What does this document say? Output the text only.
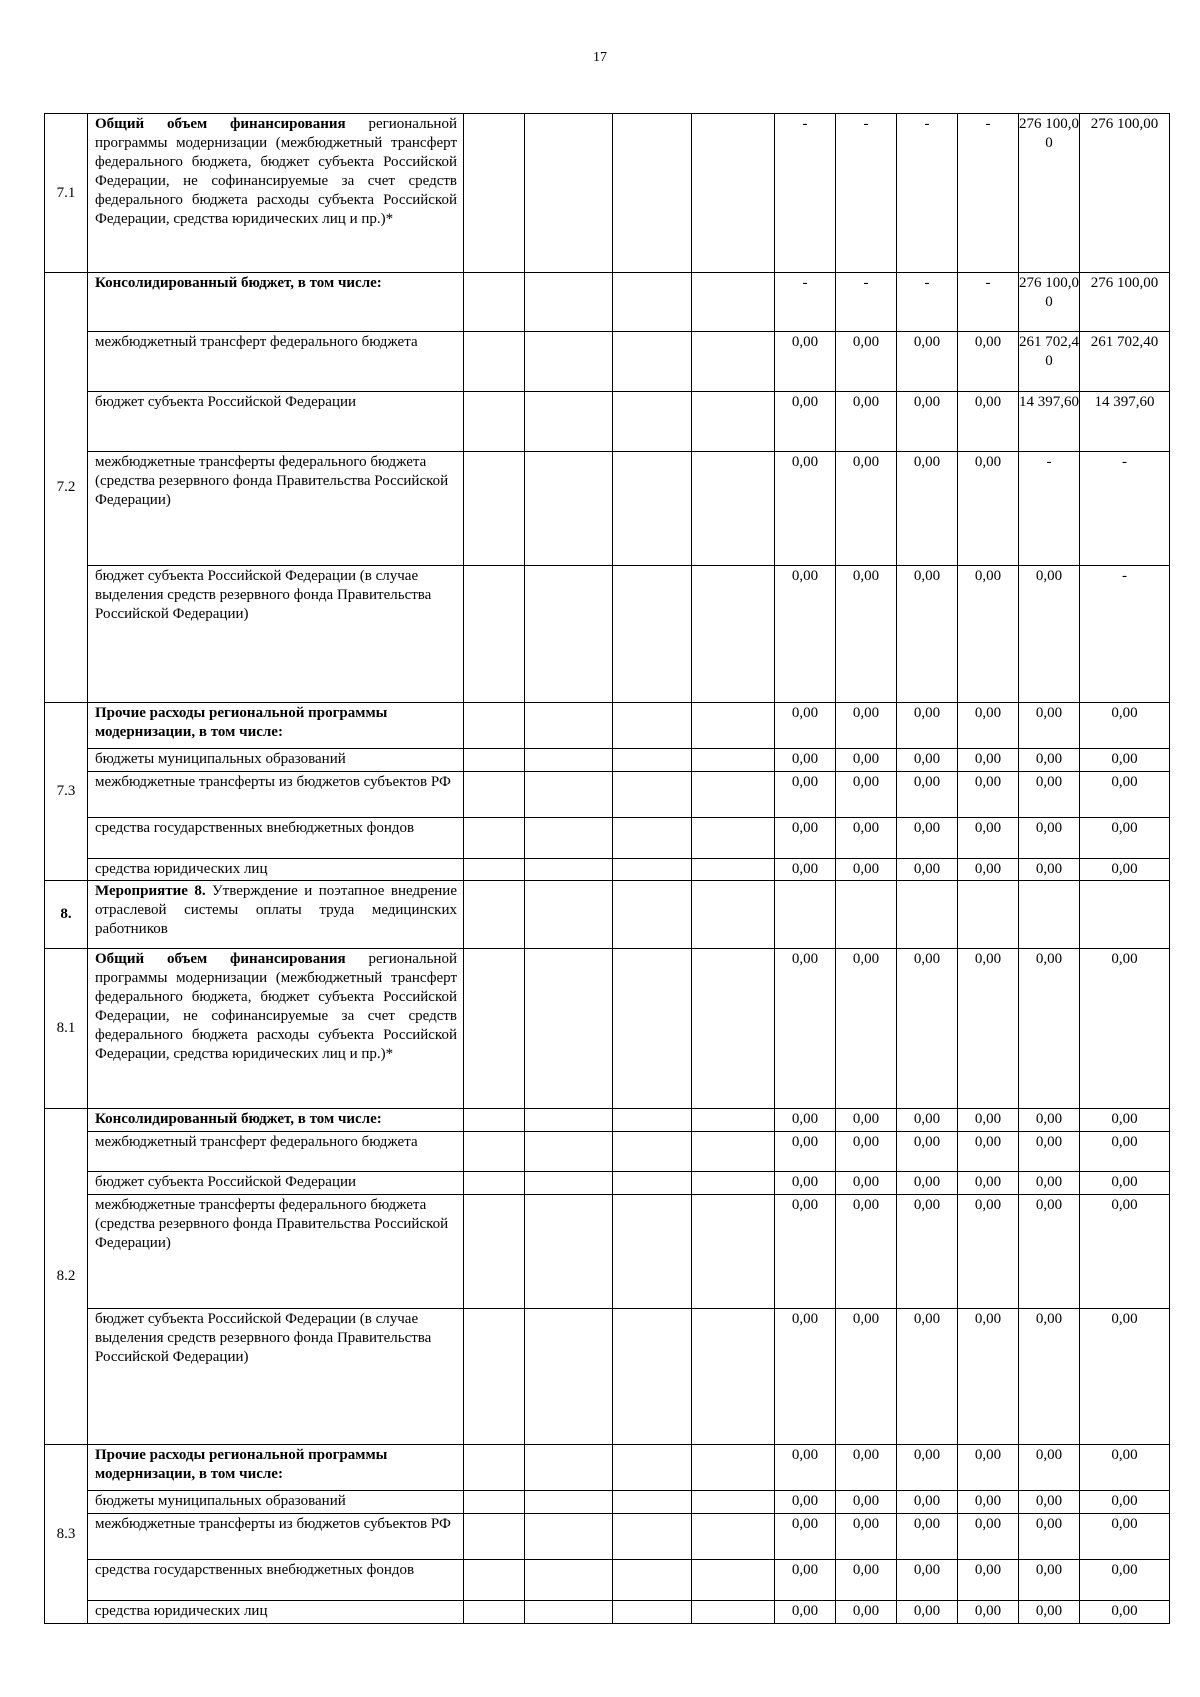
17
7.1	Общий объем финансирования региональной программы модернизации (межбюджетный трансферт федерального бюджета, бюджет субъекта Российской Федерации, не софинансируемые за счет средств федерального бюджета расходы субъекта Российской Федерации, средства юридических лиц и пр.)*					-	-	-	-	276 100,00	276 100,00
7.2	Консолидированный бюджет, в том числе:					-	-	-	-	276 100,00	276 100,00
	межбюджетный трансферт федерального бюджета					0,00	0,00	0,00	0,00	261 702,40	261 702,40
	бюджет субъекта Российской Федерации					0,00	0,00	0,00	0,00	14 397,60	14 397,60
	межбюджетные трансферты федерального бюджета (средства резервного фонда Правительства Российской Федерации)					0,00	0,00	0,00	0,00	-	-
	бюджет субъекта Российской Федерации (в случае выделения средств резервного фонда Правительства Российской Федерации)					0,00	0,00	0,00	0,00	0,00	-
7.3	Прочие расходы региональной программы модернизации, в том числе:					0,00	0,00	0,00	0,00	0,00	0,00
	бюджеты муниципальных образований					0,00	0,00	0,00	0,00	0,00	0,00
	межбюджетные трансферты из бюджетов субъектов РФ					0,00	0,00	0,00	0,00	0,00	0,00
	средства государственных внебюджетных фондов					0,00	0,00	0,00	0,00	0,00	0,00
	средства юридических лиц					0,00	0,00	0,00	0,00	0,00	0,00
8.	Мероприятие 8. Утверждение и поэтапное внедрение отраслевой системы оплаты труда медицинских работников										
8.1	Общий объем финансирования региональной программы модернизации (межбюджетный трансферт федерального бюджета, бюджет субъекта Российской Федерации, не софинансируемые за счет средств федерального бюджета расходы субъекта Российской Федерации, средства юридических лиц и пр.)*					0,00	0,00	0,00	0,00	0,00	0,00
8.2	Консолидированный бюджет, в том числе:					0,00	0,00	0,00	0,00	0,00	0,00
	межбюджетный трансферт федерального бюджета					0,00	0,00	0,00	0,00	0,00	0,00
	бюджет субъекта Российской Федерации					0,00	0,00	0,00	0,00	0,00	0,00
	межбюджетные трансферты федерального бюджета (средства резервного фонда Правительства Российской Федерации)					0,00	0,00	0,00	0,00	0,00	0,00
	бюджет субъекта Российской Федерации (в случае выделения средств резервного фонда Правительства Российской Федерации)					0,00	0,00	0,00	0,00	0,00	0,00
8.3	Прочие расходы региональной программы модернизации, в том числе:					0,00	0,00	0,00	0,00	0,00	0,00
	бюджеты муниципальных образований					0,00	0,00	0,00	0,00	0,00	0,00
	межбюджетные трансферты из бюджетов субъектов РФ					0,00	0,00	0,00	0,00	0,00	0,00
	средства государственных внебюджетных фондов					0,00	0,00	0,00	0,00	0,00	0,00
	средства юридических лиц					0,00	0,00	0,00	0,00	0,00	0,00
